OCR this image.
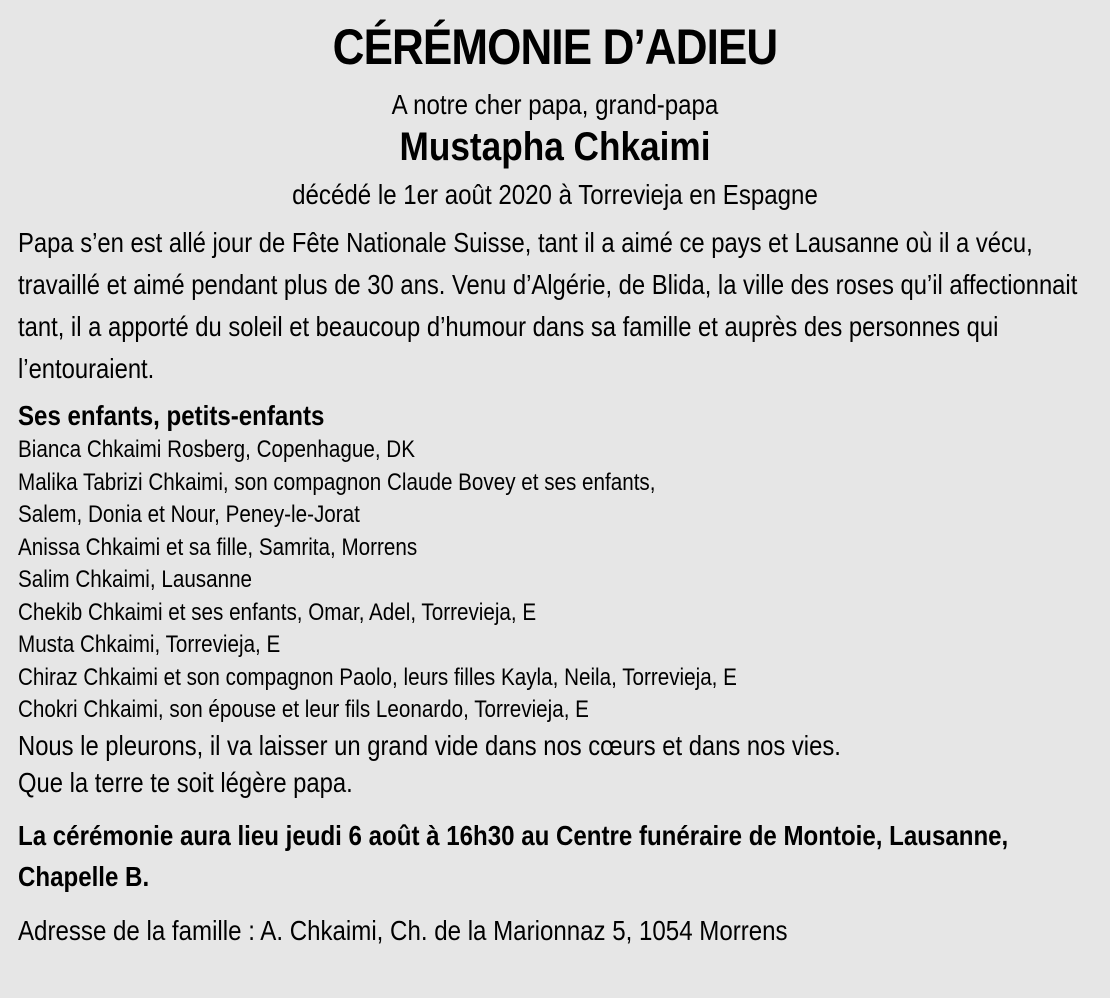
CÉRÉMONIE D’ADIEU
A notre cher papa, grand-papa
Mustapha Chkaimi
décédé le 1er août 2020 à Torrevieja en Espagne
Papa s’en est allé jour de Fête Nationale Suisse, tant il a aimé ce pays et Lausanne où il a vécu, travaillé et aimé pendant plus de 30 ans. Venu d’Algérie, de Blida, la ville des roses qu’il affectionnait tant, il a apporté du soleil et beaucoup d’humour dans sa famille et auprès des personnes qui l’entouraient.
Ses enfants, petits-enfants
Bianca Chkaimi Rosberg, Copenhague, DK
Malika Tabrizi Chkaimi, son compagnon Claude Bovey et ses enfants,
Salem, Donia et Nour, Peney-le-Jorat
Anissa Chkaimi et sa fille, Samrita, Morrens
Salim Chkaimi, Lausanne
Chekib Chkaimi et ses enfants, Omar, Adel, Torrevieja, E
Musta Chkaimi, Torrevieja, E
Chiraz Chkaimi et son compagnon Paolo, leurs filles Kayla, Neila, Torrevieja, E
Chokri Chkaimi, son épouse et leur fils Leonardo, Torrevieja, E
Nous le pleurons, il va laisser un grand vide dans nos cœurs et dans nos vies.
Que la terre te soit légère papa.
La cérémonie aura lieu jeudi 6 août à 16h30 au Centre funéraire de Montoie, Lausanne, Chapelle B.
Adresse de la famille : A. Chkaimi, Ch. de la Marionnaz 5, 1054 Morrens
